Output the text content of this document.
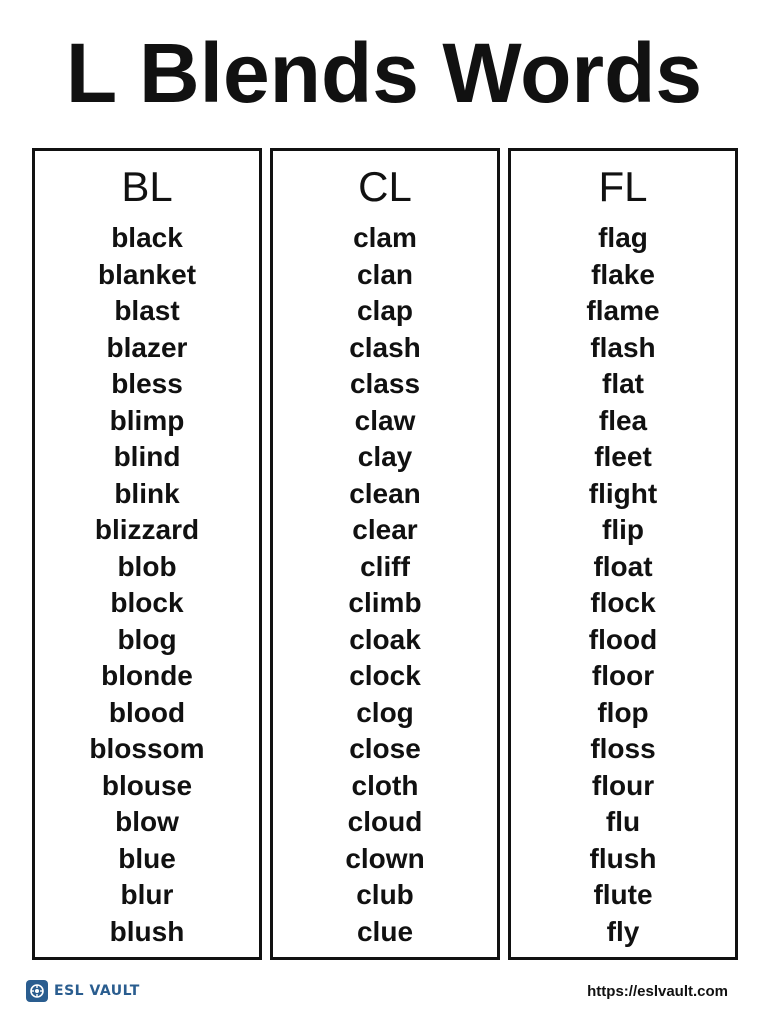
L Blends Words
BL
black
blanket
blast
blazer
bless
blimp
blind
blink
blizzard
blob
block
blog
blonde
blood
blossom
blouse
blow
blue
blur
blush
CL
clam
clan
clap
clash
class
claw
clay
clean
clear
cliff
climb
cloak
clock
clog
close
cloth
cloud
clown
club
clue
FL
flag
flake
flame
flash
flat
flea
fleet
flight
flip
float
flock
flood
floor
flop
floss
flour
flu
flush
flute
fly
ESL VAULT	https://eslvault.com
